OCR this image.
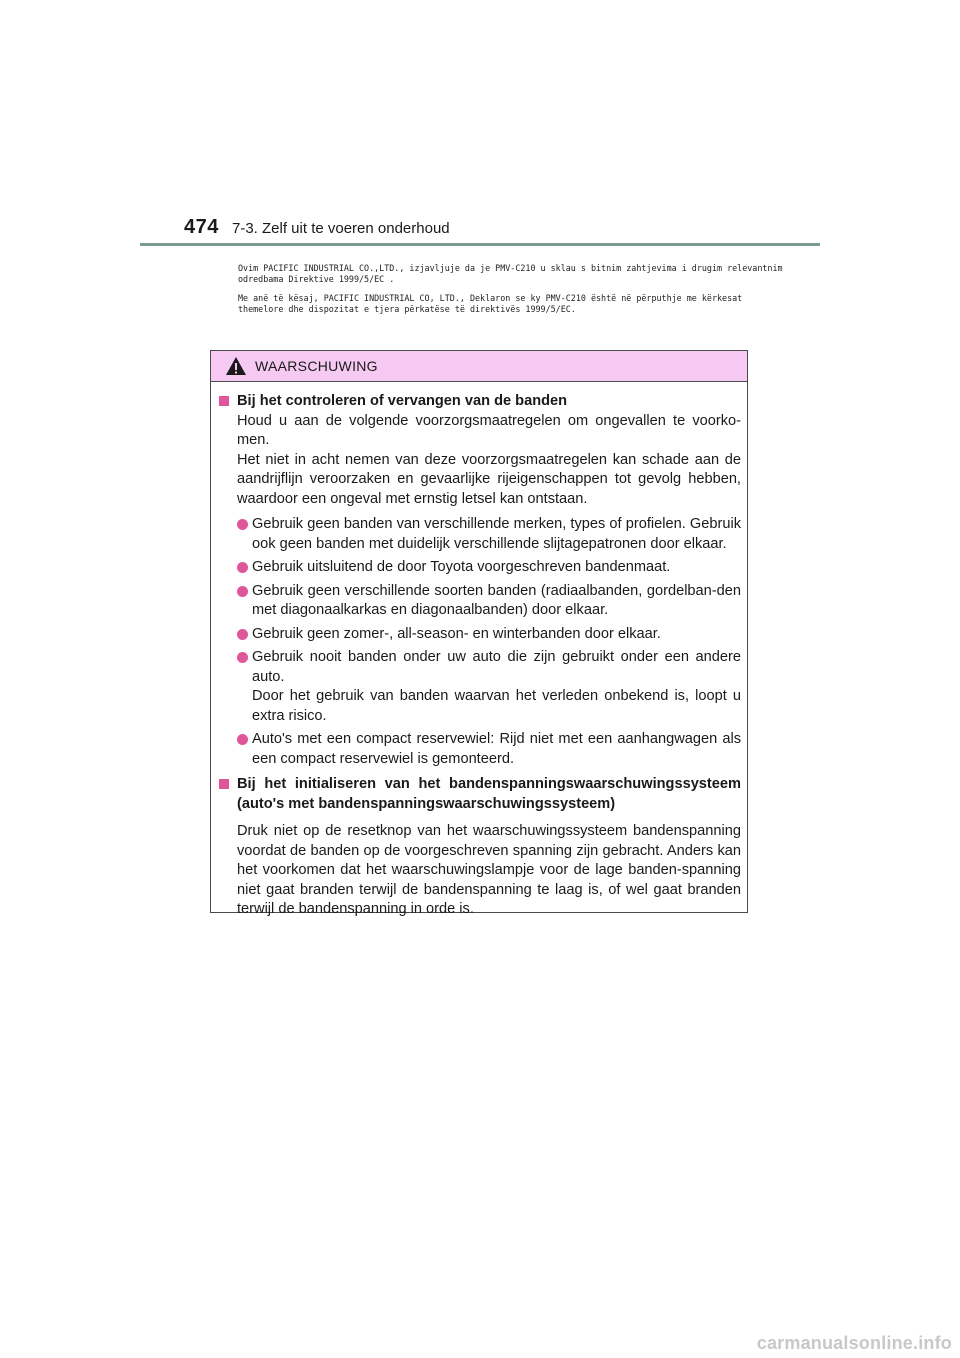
474 7-3. Zelf uit te voeren onderhoud
Ovim PACIFIC INDUSTRIAL CO.,LTD., izjavljuje da je PMV-C210 u sklau s bitnim zahtjevima i drugim relevantnim
odredbama Direktive 1999/5/EC .
Me anë të kësaj, PACIFIC INDUSTRIAL CO, LTD., Deklaron se ky PMV-C210 është në përputhje me kërkesat
themelore dhe dispozitat e tjera përkatëse të direktivës 1999/5/EC.
WAARSCHUWING
Bij het controleren of vervangen van de banden
Houd u aan de volgende voorzorgsmaatregelen om ongevallen te voorko-men.
Het niet in acht nemen van deze voorzorgsmaatregelen kan schade aan de aandrijflijn veroorzaken en gevaarlijke rijeigenschappen tot gevolg hebben, waardoor een ongeval met ernstig letsel kan ontstaan.
Gebruik geen banden van verschillende merken, types of profielen. Gebruik ook geen banden met duidelijk verschillende slijtagepatronen door elkaar.
Gebruik uitsluitend de door Toyota voorgeschreven bandenmaat.
Gebruik geen verschillende soorten banden (radiaalbanden, gordelban-den met diagonaalkarkas en diagonaalbanden) door elkaar.
Gebruik geen zomer-, all-season- en winterbanden door elkaar.
Gebruik nooit banden onder uw auto die zijn gebruikt onder een andere auto.
Door het gebruik van banden waarvan het verleden onbekend is, loopt u extra risico.
Auto's met een compact reservewiel: Rijd niet met een aanhangwagen als een compact reservewiel is gemonteerd.
Bij het initialiseren van het bandenspanningswaarschuwingssysteem (auto's met bandenspanningswaarschuwingssysteem)
Druk niet op de resetknop van het waarschuwingssysteem bandenspanning voordat de banden op de voorgeschreven spanning zijn gebracht. Anders kan het voorkomen dat het waarschuwingslampje voor de lage banden-spanning niet gaat branden terwijl de bandenspanning te laag is, of wel gaat branden terwijl de bandenspanning in orde is.
carmanualsonline.info
